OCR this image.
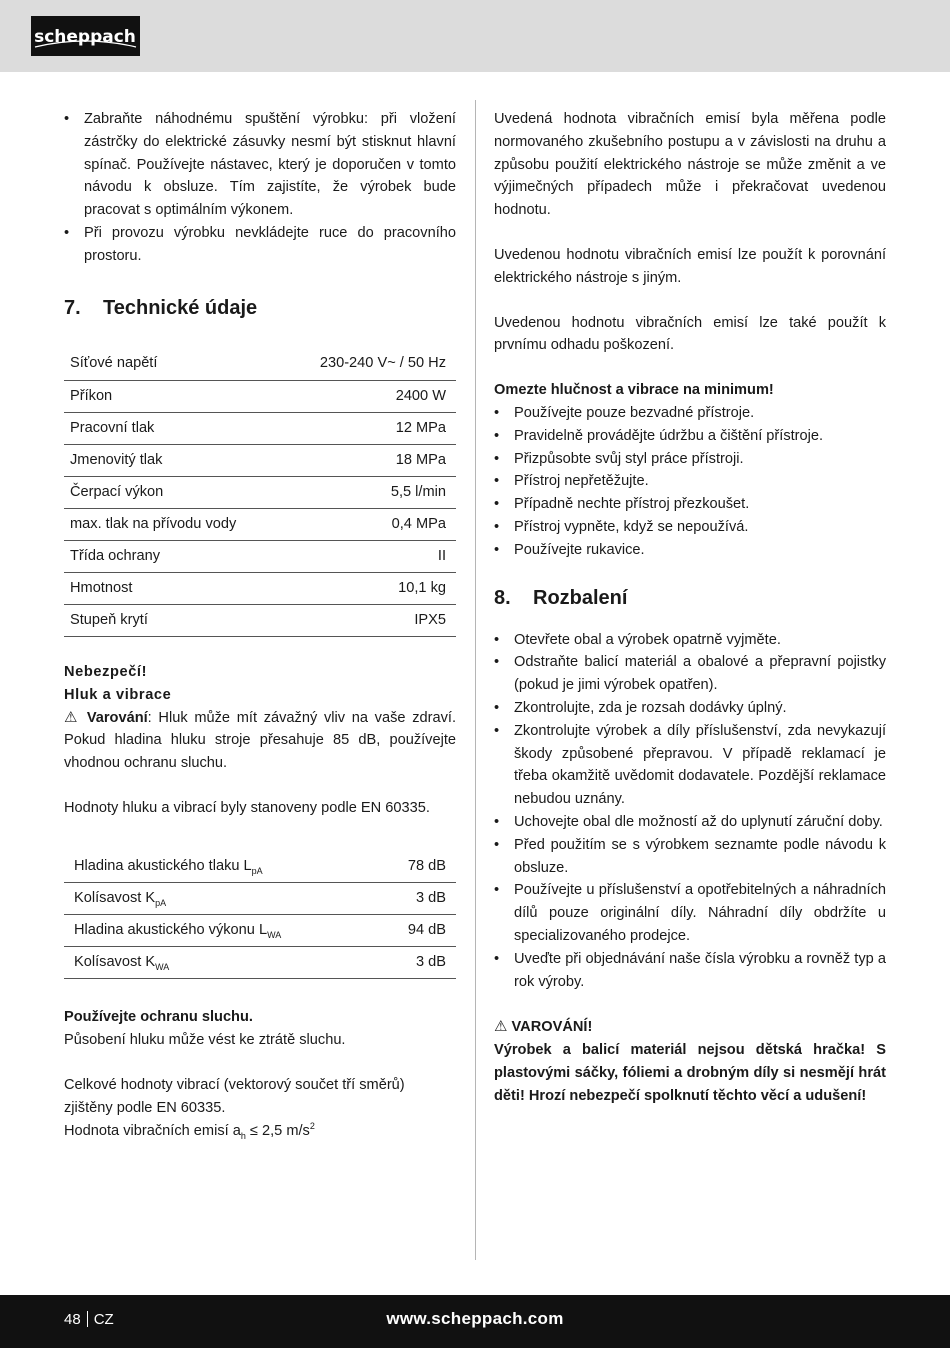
scheppach
• Zabraňte náhodnému spuštění výrobku: při vložení zástrčky do elektrické zásuvky nesmí být stisknut hlavní spínač. Používejte nástavec, který je doporučen v tomto návodu k obsluze. Tím zajistíte, že výrobek bude pracovat s optimálním výkonem.
• Při provozu výrobku nevkládejte ruce do pracovního prostoru.
7. Technické údaje
Síťové napětí	230-240 V~ / 50 Hz
Příkon	2400 W
Pracovní tlak	12 MPa
Jmenovitý tlak	18 MPa
Čerpací výkon	5,5 l/min
max. tlak na přívodu vody	0,4 MPa
Třída ochrany	II
Hmotnost	10,1 kg
Stupeň krytí	IPX5

Nebezpečí!

Hluk a vibrace

⚠ Varování: Hluk může mít závažný vliv na vaše zdraví. Pokud hladina hluku stroje přesahuje 85 dB, používejte vhodnou ochranu sluchu.

Hodnoty hluku a vibrací byly stanoveny podle EN 60335.

Hladina akustického tlaku $L_{pA}$	78 dB
Kolísavost $K_{pA}$	3 dB
Hladina akustického výkonu $L_{WA}$	94 dB
Kolísavost $K_{WA}$	3 dB

Používejte ochranu sluchu.

Působení hluku může vést ke ztrátě sluchu.

Celkové hodnoty vibrací (vektorový součet tří směrů) zjištěny podle EN 60335.

Hodnota vibračních emisí $a_h \le 2,5$ $m/s^2$

Uvedená hodnota vibračních emisí byla měřena podle normovaného zkušebního postupu a v závislosti na druhu a způsobu použití elektrického nástroje se může změnit a ve výjimečných případech může i překračovat uvedenou hodnotu.

Uvedenou hodnotu vibračních emisí lze použít k porovnání elektrického nástroje s jiným.

Uvedenou hodnotu vibračních emisí lze také použít k prvnímu odhadu poškození.

Omezte hlučnost a vibrace na minimum!

• Používejte pouze bezvadné přístroje.
• Pravidelně provádějte údržbu a čištění přístroje.
• Přizpůsobte svůj styl práce přístroji.
• Přístroj nepřetěžujte.
• Případně nechte přístroj přezkoušet.
• Přístroj vypněte, když se nepoužívá.
• Používejte rukavice.
8. Rozbalení
• Otevřete obal a výrobek opatrně vyjměte.
• Odstraňte balicí materiál a obalové a přepravní pojistky (pokud je jimi výrobek opatřen).
• Zkontrolujte, zda je rozsah dodávky úplný.
• Zkontrolujte výrobek a díly příslušenství, zda nevykazují škody způsobené přepravou. V případě reklamací je třeba okamžitě uvědomit dodavatele. Pozdější reklamace nebudou uznány.
• Uchovejte obal dle možností až do uplynutí záruční doby.
• Před použitím se s výrobkem seznamte podle návodu k obsluze.
• Používejte u příslušenství a opotřebitelných a náhradních dílů pouze originální díly. Náhradní díly obdržíte u specializovaného prodejce.
• Uveďte při objednávání naše čísla výrobku a rovněž typ a rok výroby.

⚠ VAROVÁNÍ!

Výrobek a balicí materiál nejsou dětská hračka! S plastovými sáčky, fóliemi a drobným díly si nesmějí hrát děti! Hrozí nebezpečí spolknutí těchto věcí a udušení!

48 CZ	www.scheppach.com
